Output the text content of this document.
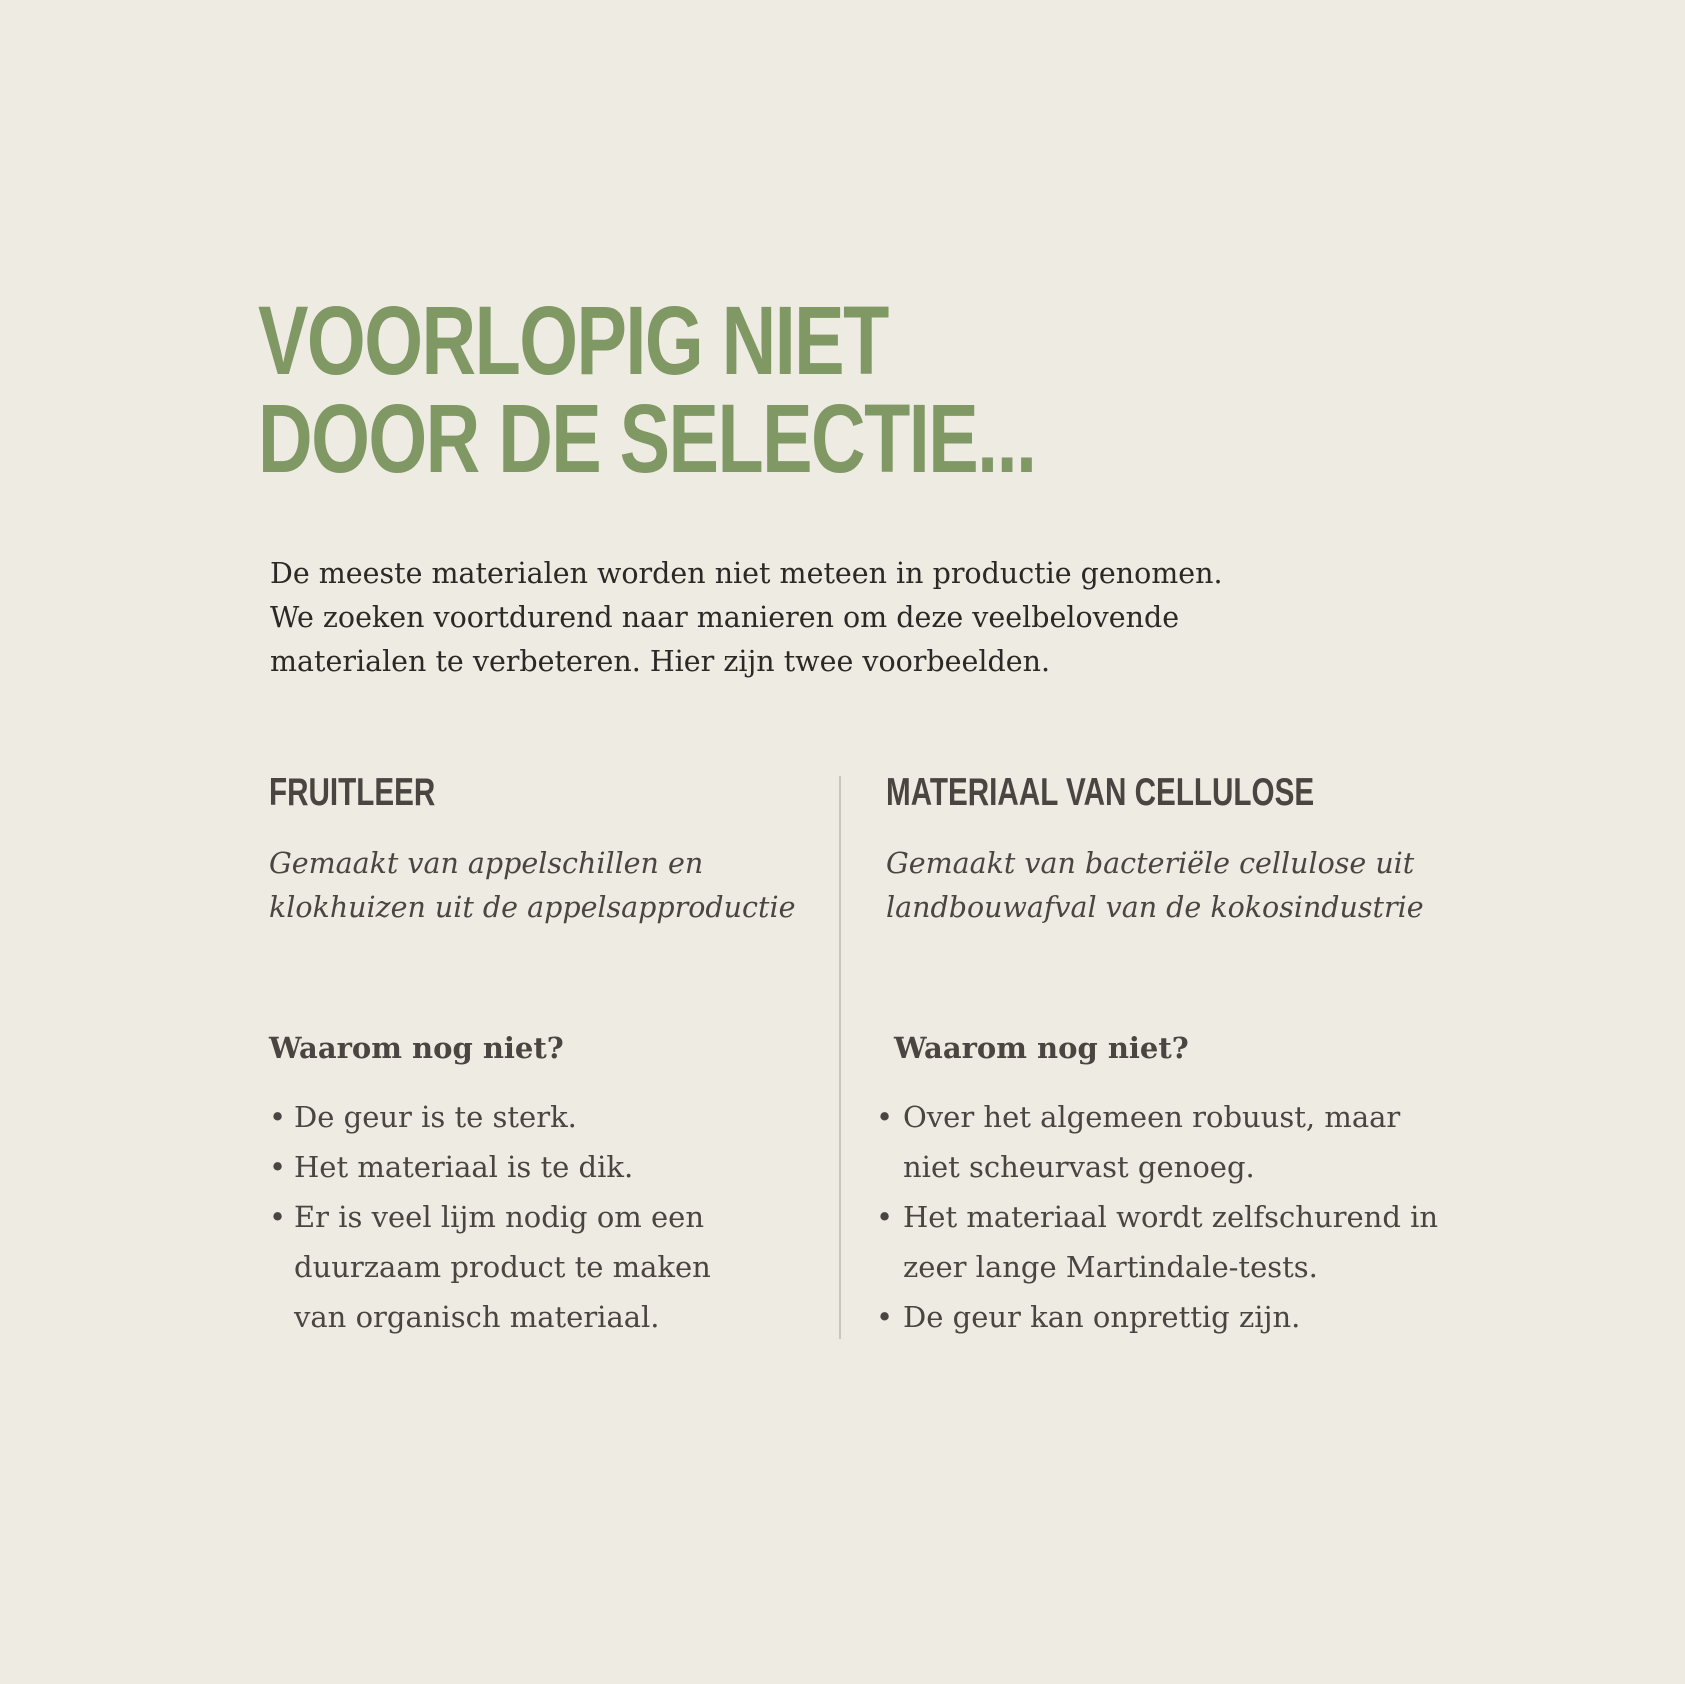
VOORLOPIG NIET
DOOR DE SELECTIE...

De meeste materialen worden niet meteen in productie genomen.
We zoeken voortdurend naar manieren om deze veelbelovende
materialen te verbeteren. Hier zijn twee voorbeelden.

FRUITLEER

Gemaakt van appelschillen en
klokhuizen uit de appelsapproductie

Waarom nog niet?
• De geur is te sterk.
• Het materiaal is te dik.
• Er is veel lijm nodig om een
duurzaam product te maken
van organisch materiaal.
MATERIAAL VAN CELLULOSE

Gemaakt van bacteriële cellulose uit
landbouwafval van de kokosindustrie

Waarom nog niet?
• Over het algemeen robuust, maar
niet scheurvast genoeg.
• Het materiaal wordt zelfschurend in
zeer lange Martindale-tests.
• De geur kan onprettig zijn.
